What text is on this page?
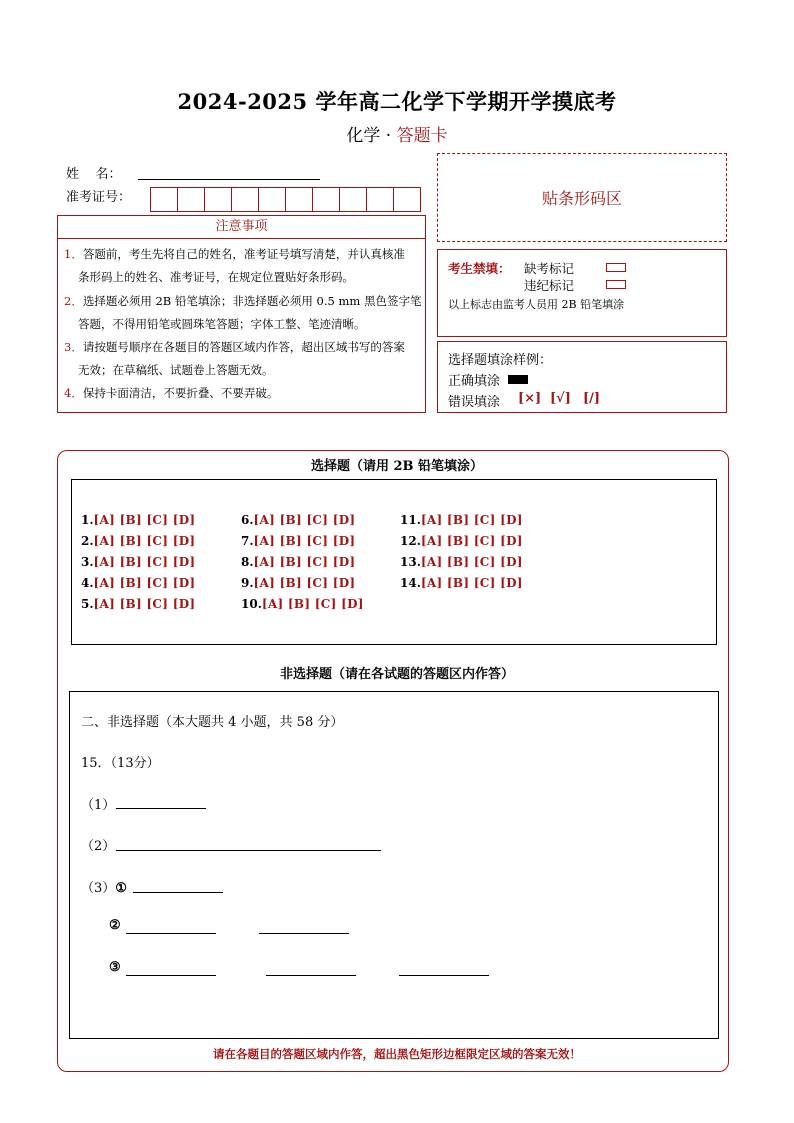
2024-2025 学年高二化学下学期开学摸底考
化学 · 答题卡
姓    名：
准考证号：	贴条形码区
注意事项
1．答题前，考生先将自己的姓名，准考证号填写清楚，并认真核准
条形码上的姓名、准考证号，在规定位置贴好条形码。
2．选择题必须用 2B 铅笔填涂；非选择题必须用 0.5 mm 黑色签字笔
答题，不得用铅笔或圆珠笔答题；字体工整、笔迹清晰。
3．请按题号顺序在各题目的答题区域内作答，超出区域书写的答案
无效；在草稿纸、试题卷上答题无效。
4．保持卡面清洁，不要折叠、不要弄破。
考生禁填： 缺考标记
违纪标记
以上标志由监考人员用 2B 铅笔填涂
选择题填涂样例：
正确填涂
错误填涂 [×] [√] [/]
选择题（请用 2B 铅笔填涂）
1.[A] [B] [C] [D]
2.[A] [B] [C] [D]
3.[A] [B] [C] [D]
4.[A] [B] [C] [D]
5.[A] [B] [C] [D]
6.[A] [B] [C] [D]
7.[A] [B] [C] [D]
8.[A] [B] [C] [D]
9.[A] [B] [C] [D]
10.[A] [B] [C] [D]
11.[A] [B] [C] [D]
12.[A] [B] [C] [D]
13.[A] [B] [C] [D]
14.[A] [B] [C] [D]
非选择题（请在各试题的答题区内作答）
二、非选择题（本大题共 4 小题，共 58 分）
15．（13分）
（1）
（2）
（3）①
②
③
请在各题目的答题区域内作答，超出黑色矩形边框限定区域的答案无效！
